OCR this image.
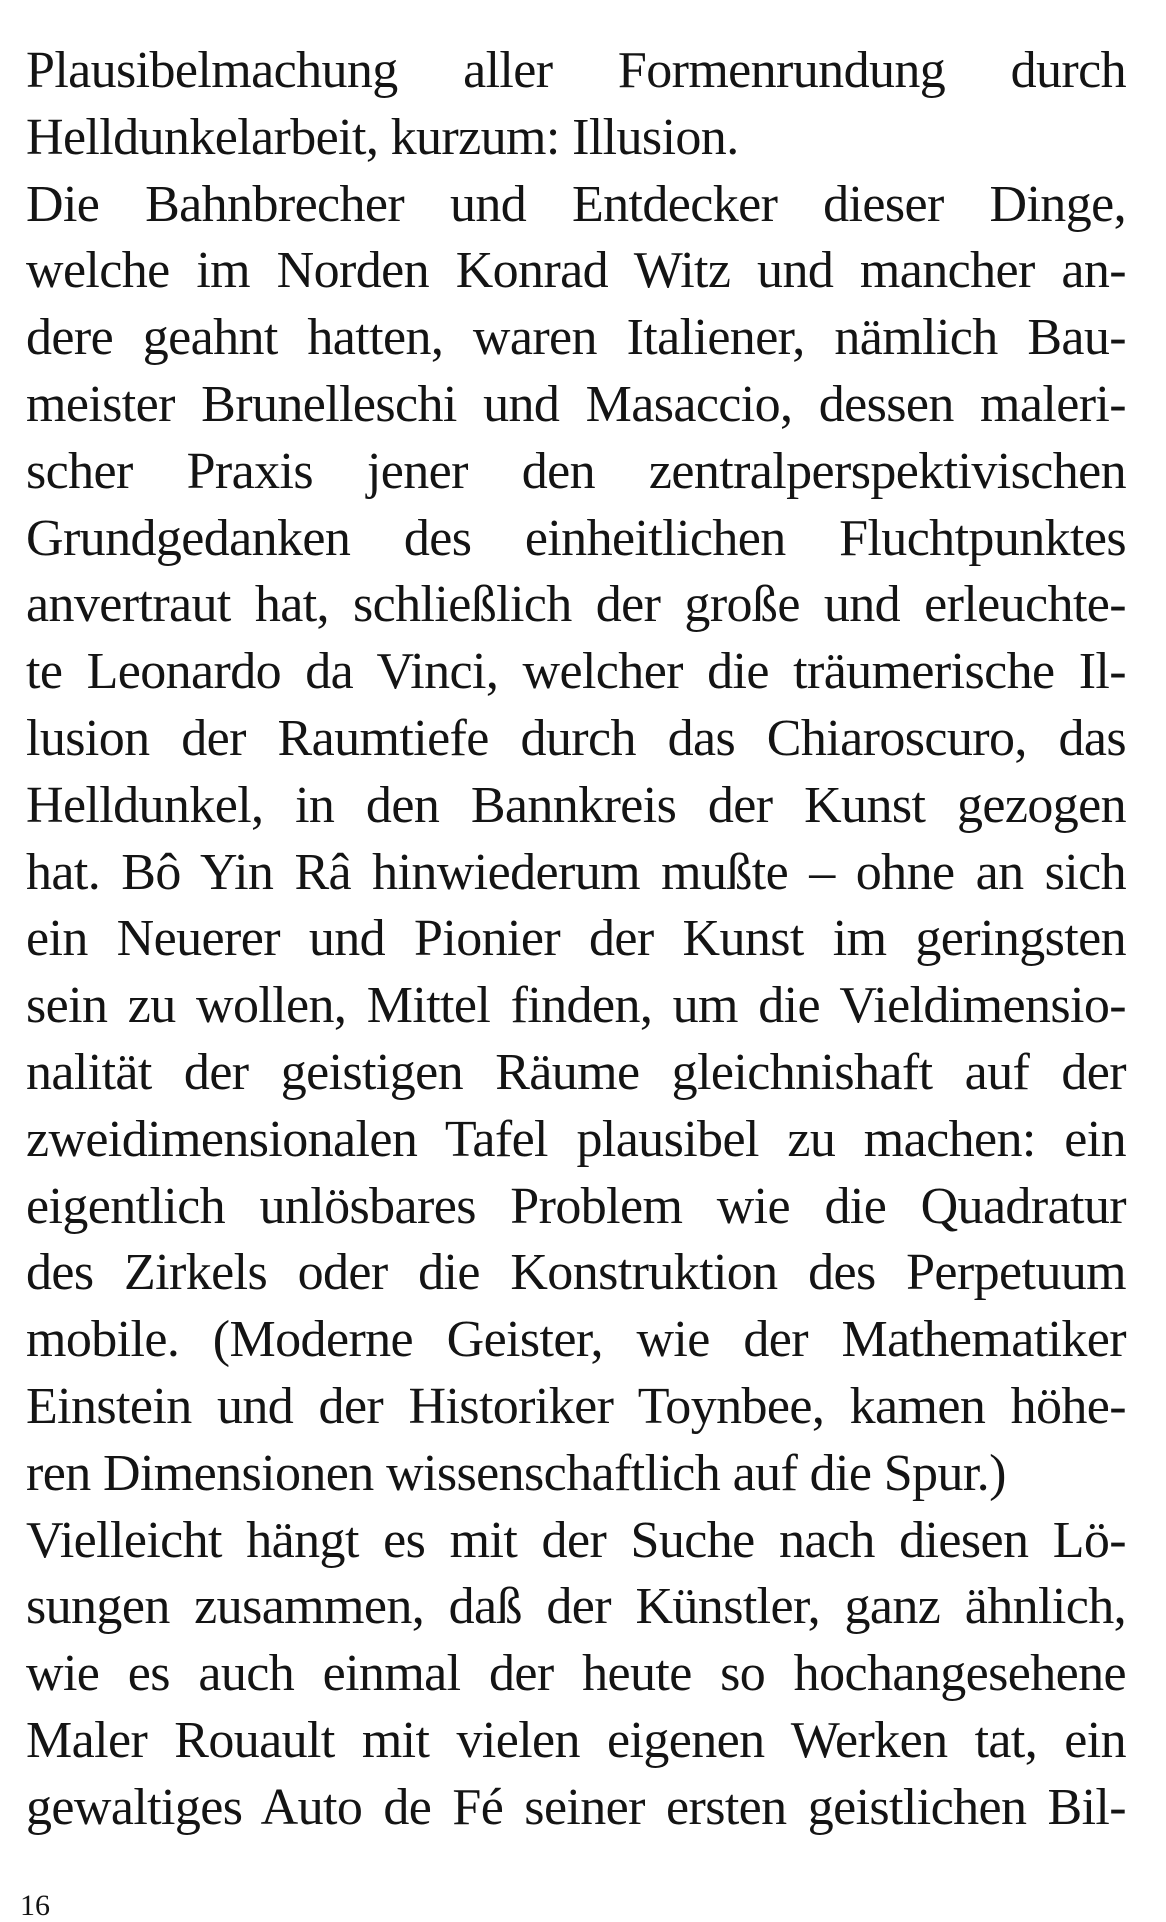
Plausibelmachung aller Formenrundung durch
Helldunkelarbeit, kurzum: Illusion.
Die Bahnbrecher und Entdecker dieser Dinge,
welche im Norden Konrad Witz und mancher an-
dere geahnt hatten, waren Italiener, nämlich Bau-
meister Brunelleschi und Masaccio, dessen maleri-
scher Praxis jener den zentralperspektivischen
Grundgedanken des einheitlichen Fluchtpunktes
anvertraut hat, schließlich der große und erleuchte-
te Leonardo da Vinci, welcher die träumerische Il-
lusion der Raumtiefe durch das Chiaroscuro, das
Helldunkel, in den Bannkreis der Kunst gezogen
hat. Bô Yin Râ hinwiederum mußte – ohne an sich
ein Neuerer und Pionier der Kunst im geringsten
sein zu wollen, Mittel finden, um die Vieldimensio-
nalität der geistigen Räume gleichnishaft auf der
zweidimensionalen Tafel plausibel zu machen: ein
eigentlich unlösbares Problem wie die Quadratur
des Zirkels oder die Konstruktion des Perpetuum
mobile. (Moderne Geister, wie der Mathematiker
Einstein und der Historiker Toynbee, kamen höhe-
ren Dimensionen wissenschaftlich auf die Spur.)
Vielleicht hängt es mit der Suche nach diesen Lö-
sungen zusammen, daß der Künstler, ganz ähnlich,
wie es auch einmal der heute so hochangesehene
Maler Rouault mit vielen eigenen Werken tat, ein
gewaltiges Auto de Fé seiner ersten geistlichen Bil-
16
